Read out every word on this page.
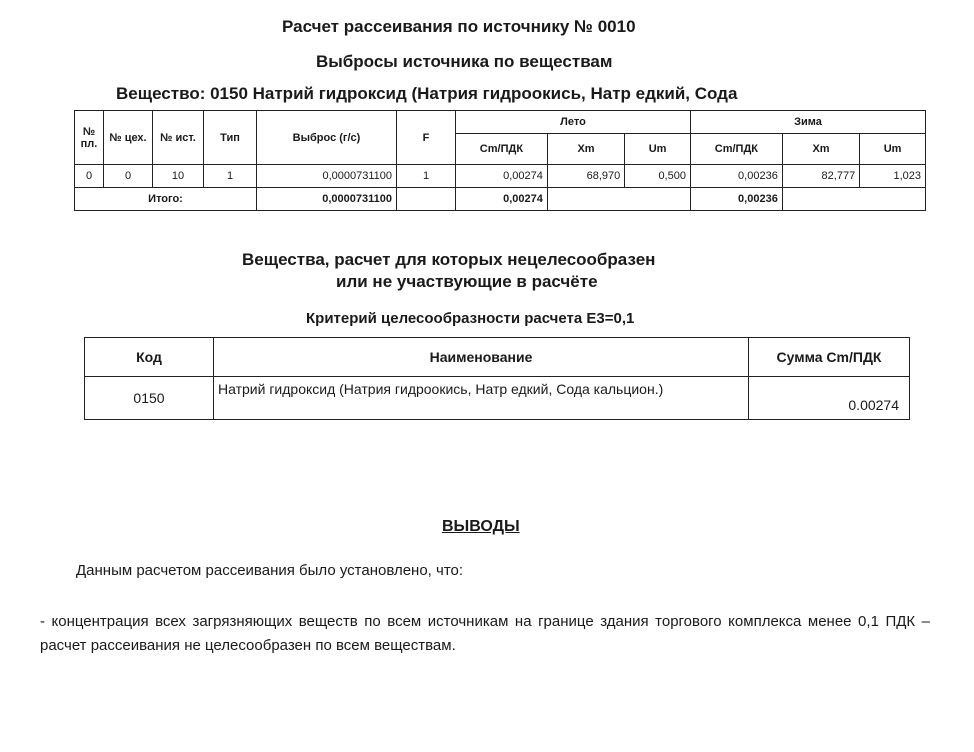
Расчет рассеивания по источнику № 0010
Выбросы источника по веществам
Вещество: 0150 Натрий гидроксид (Натрия гидроокись, Натр едкий, Сода
№ пл.	№ цех.	№ ист.	Тип	Выброс (г/с)	F	Лето			Зима		
						Cm/ПДК	Xm	Um	Cm/ПДК	Xm	Um
0	0	10	1	0,0000731100	1	0,00274	68,970	0,500	0,00236	82,777	1,023
Итого:				0,0000731100		0,00274			0,00236		
Вещества, расчет для которых нецелесообразен
или не участвующие в расчёте
Критерий целесообразности расчета Е3=0,1
Код	Наименование	Сумма Cm/ПДК
0150	Натрий гидроксид (Натрия гидроокись, Натр едкий, Сода кальцион.)	0.00274
ВЫВОДЫ
Данным расчетом рассеивания было установлено, что:
- концентрация всех загрязняющих веществ по всем источникам на границе здания торгового комплекса менее 0,1 ПДК – расчет рассеивания не целесообразен по всем веществам.
